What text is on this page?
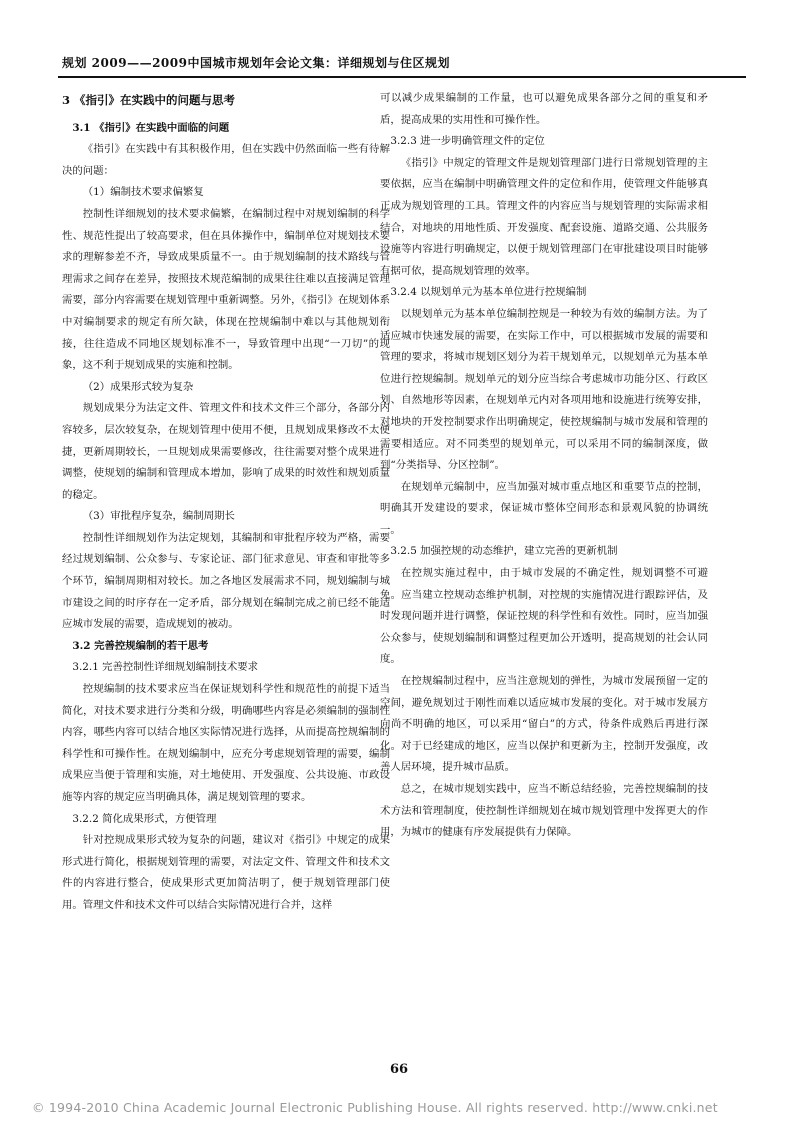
规划 2009——2009中国城市规划年会论文集：详细规划与住区规划
3 《指引》在实践中的问题与思考
3.1 《指引》在实践中面临的问题

《指引》在实践中有其积极作用，但在实践中仍然面临一些有待解决的问题：

（1）编制技术要求偏繁复

控制性详细规划的技术要求偏繁，在编制过程中对规划编制的科学性、规范性提出了较高要求，但在具体操作中，编制单位对规划技术要求的理解参差不齐，导致成果质量不一。由于规划编制的技术路线与管理需求之间存在差异，按照技术规范编制的成果往往难以直接满足管理需要，部分内容需要在规划管理中重新调整。另外，《指引》在规划体系中对编制要求的规定有所欠缺，体现在控规编制中难以与其他规划衔接，往往造成不同地区规划标准不一，导致管理中出现“一刀切”的现象，这不利于规划成果的实施和控制。

（2）成果形式较为复杂

规划成果分为法定文件、管理文件和技术文件三个部分，各部分内容较多，层次较复杂，在规划管理中使用不便，且规划成果修改不太便捷，更新周期较长，一旦规划成果需要修改，往往需要对整个成果进行调整，使规划的编制和管理成本增加，影响了成果的时效性和规划质量的稳定。

（3）审批程序复杂，编制周期长

控制性详细规划作为法定规划，其编制和审批程序较为严格，需要经过规划编制、公众参与、专家论证、部门征求意见、审查和审批等多个环节，编制周期相对较长。加之各地区发展需求不同，规划编制与城市建设之间的时序存在一定矛盾，部分规划在编制完成之前已经不能适应城市发展的需要，造成规划的被动。

3.2 完善控规编制的若干思考
3.2.1 完善控制性详细规划编制技术要求

控规编制的技术要求应当在保证规划科学性和规范性的前提下适当简化，对技术要求进行分类和分级，明确哪些内容是必须编制的强制性内容，哪些内容可以结合地区实际情况进行选择，从而提高控规编制的科学性和可操作性。在规划编制中，应充分考虑规划管理的需要，编制成果应当便于管理和实施，对土地使用、开发强度、公共设施、市政设施等内容的规定应当明确具体，满足规划管理的要求。

3.2.2 简化成果形式，方便管理

针对控规成果形式较为复杂的问题，建议对《指引》中规定的成果形式进行简化，根据规划管理的需要，对法定文件、管理文件和技术文件的内容进行整合，使成果形式更加简洁明了，便于规划管理部门使用。管理文件和技术文件可以结合实际情况进行合并，这样

可以减少成果编制的工作量，也可以避免成果各部分之间的重复和矛盾，提高成果的实用性和可操作性。

3.2.3 进一步明确管理文件的定位

《指引》中规定的管理文件是规划管理部门进行日常规划管理的主要依据，应当在编制中明确管理文件的定位和作用，使管理文件能够真正成为规划管理的工具。管理文件的内容应当与规划管理的实际需求相结合，对地块的用地性质、开发强度、配套设施、道路交通、公共服务设施等内容进行明确规定，以便于规划管理部门在审批建设项目时能够有据可依，提高规划管理的效率。

3.2.4 以规划单元为基本单位进行控规编制

以规划单元为基本单位编制控规是一种较为有效的编制方法。为了适应城市快速发展的需要，在实际工作中，可以根据城市发展的需要和管理的要求，将城市规划区划分为若干规划单元，以规划单元为基本单位进行控规编制。规划单元的划分应当综合考虑城市功能分区、行政区划、自然地形等因素，在规划单元内对各项用地和设施进行统筹安排，对地块的开发控制要求作出明确规定，使控规编制与城市发展和管理的需要相适应。对不同类型的规划单元，可以采用不同的编制深度，做到“分类指导、分区控制”。

在规划单元编制中，应当加强对城市重点地区和重要节点的控制，明确其开发建设的要求，保证城市整体空间形态和景观风貌的协调统一。

3.2.5 加强控规的动态维护，建立完善的更新机制

在控规实施过程中，由于城市发展的不确定性，规划调整不可避免。应当建立控规动态维护机制，对控规的实施情况进行跟踪评估，及时发现问题并进行调整，保证控规的科学性和有效性。同时，应当加强公众参与，使规划编制和调整过程更加公开透明，提高规划的社会认同度。

在控规编制过程中，应当注意规划的弹性，为城市发展预留一定的空间，避免规划过于刚性而难以适应城市发展的变化。对于城市发展方向尚不明确的地区，可以采用“留白”的方式，待条件成熟后再进行深化。对于已经建成的地区，应当以保护和更新为主，控制开发强度，改善人居环境，提升城市品质。

总之，在城市规划实践中，应当不断总结经验，完善控规编制的技术方法和管理制度，使控制性详细规划在城市规划管理中发挥更大的作用，为城市的健康有序发展提供有力保障。

66
© 1994-2010 China Academic Journal Electronic Publishing House. All rights reserved. http://www.cnki.net
